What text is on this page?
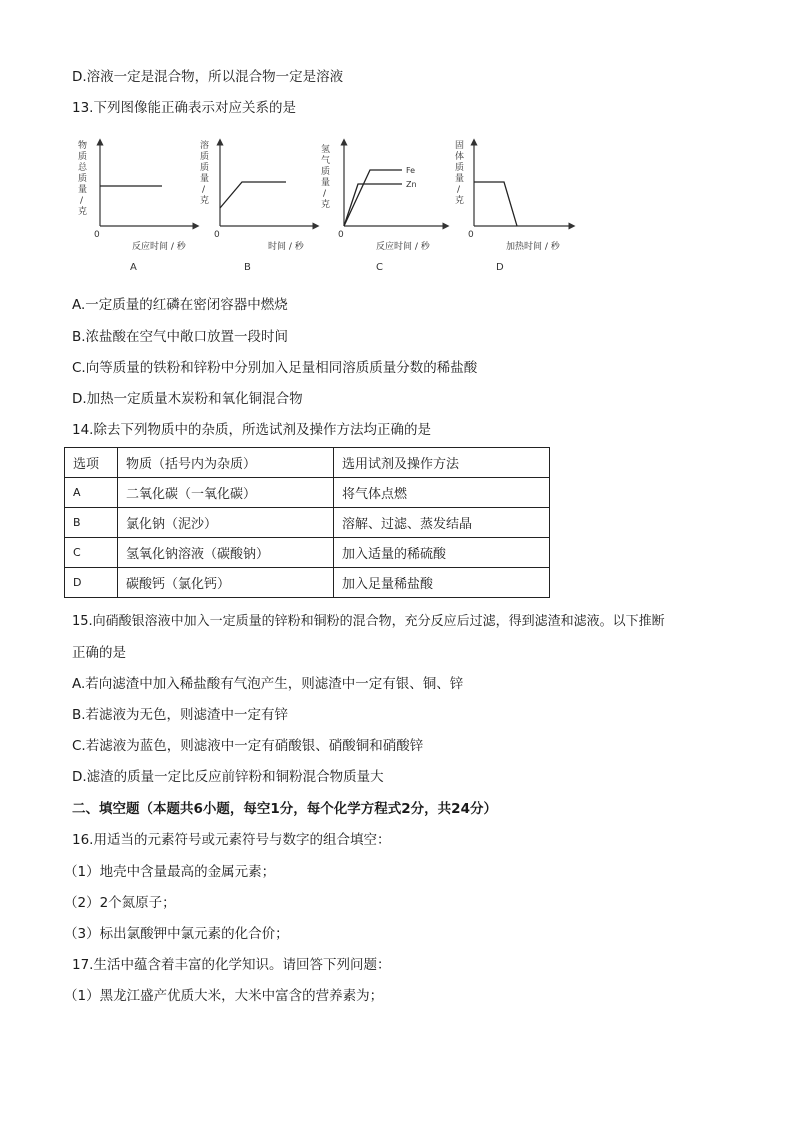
D.溶液一定是混合物，所以混合物一定是溶液
13.下列图像能正确表示对应关系的是
物
质
总
质
量
/
克
0
反应时间 / 秒
A
溶
质
质
量
/
克
0
时间 / 秒
B
氢
气
质
量
/
克
Fe
Zn
0
反应时间 / 秒
C
固
体
质
量
/
克
0
加热时间 / 秒
D
A.一定质量的红磷在密闭容器中燃烧
B.浓盐酸在空气中敞口放置一段时间
C.向等质量的铁粉和锌粉中分别加入足量相同溶质质量分数的稀盐酸
D.加热一定质量木炭粉和氧化铜混合物
14.除去下列物质中的杂质，所选试剂及操作方法均正确的是
选项	物质（括号内为杂质）	选用试剂及操作方法
A	二氧化碳（一氧化碳）	将气体点燃
B	氯化钠（泥沙）	溶解、过滤、蒸发结晶
C	氢氧化钠溶液（碳酸钠）	加入适量的稀硫酸
D	碳酸钙（氯化钙）	加入足量稀盐酸
15.向硝酸银溶液中加入一定质量的锌粉和铜粉的混合物，充分反应后过滤，得到滤渣和滤液。以下推断
正确的是
A.若向滤渣中加入稀盐酸有气泡产生，则滤渣中一定有银、铜、锌
B.若滤液为无色，则滤渣中一定有锌
C.若滤液为蓝色，则滤液中一定有硝酸银、硝酸铜和硝酸锌
D.滤渣的质量一定比反应前锌粉和铜粉混合物质量大
二、填空题（本题共6小题，每空1分，每个化学方程式2分，共24分）
16.用适当的元素符号或元素符号与数字的组合填空：
（1）地壳中含量最高的金属元素；
（2）2个氮原子；
（3）标出氯酸钾中氯元素的化合价；
17.生活中蕴含着丰富的化学知识。请回答下列问题：
（1）黑龙江盛产优质大米，大米中富含的营养素为；
